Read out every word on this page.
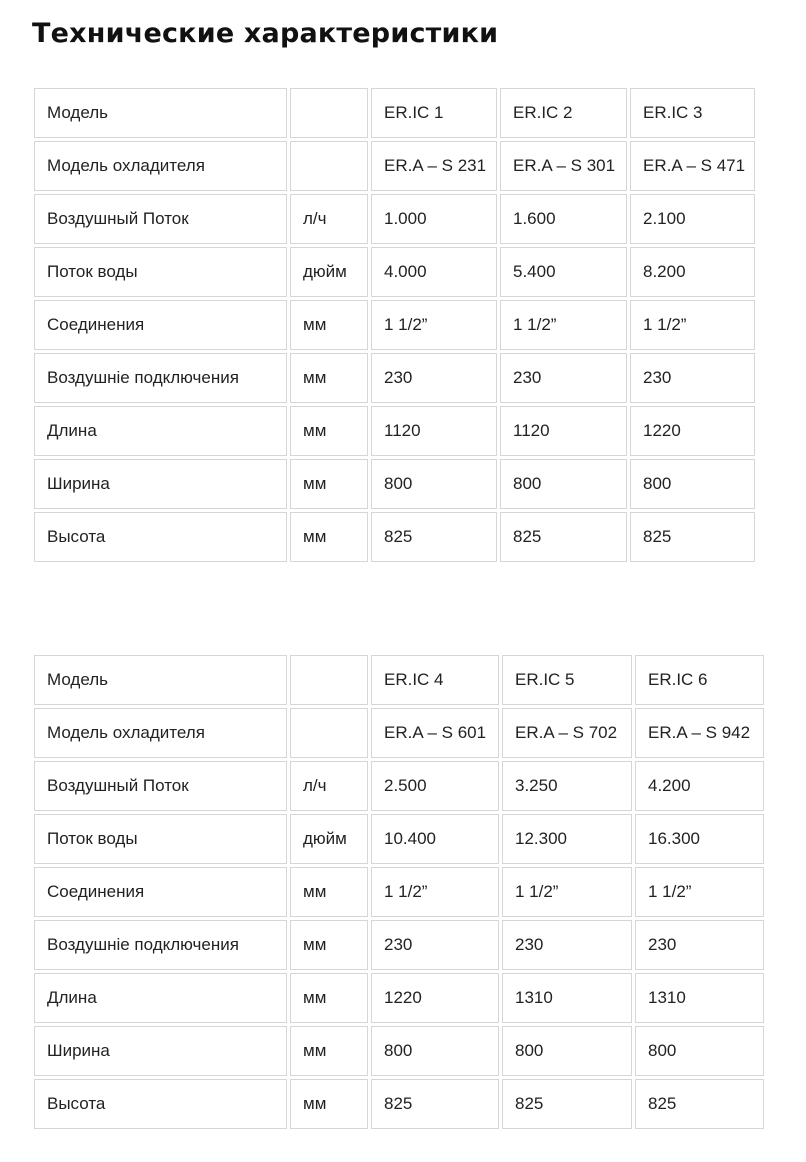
Технические характеристики
Модель		ER.IC 1	ER.IC 2	ER.IC 3
Модель охладителя		ER.A – S 231	ER.A – S 301	ER.A – S 471
Воздушный Поток	л/ч	1.000	1.600	2.100
Поток воды	дюйм	4.000	5.400	8.200
Соединения	мм	1 1/2”	1 1/2”	1 1/2”
Воздушніе подключения	мм	230	230	230
Длина	мм	1120	1120	1220
Ширина	мм	800	800	800
Высота	мм	825	825	825
Модель		ER.IC 4	ER.IC 5	ER.IC 6
Модель охладителя		ER.A – S 601	ER.A – S 702	ER.A – S 942
Воздушный Поток	л/ч	2.500	3.250	4.200
Поток воды	дюйм	10.400	12.300	16.300
Соединения	мм	1 1/2”	1 1/2”	1 1/2”
Воздушніе подключения	мм	230	230	230
Длина	мм	1220	1310	1310
Ширина	мм	800	800	800
Высота	мм	825	825	825
